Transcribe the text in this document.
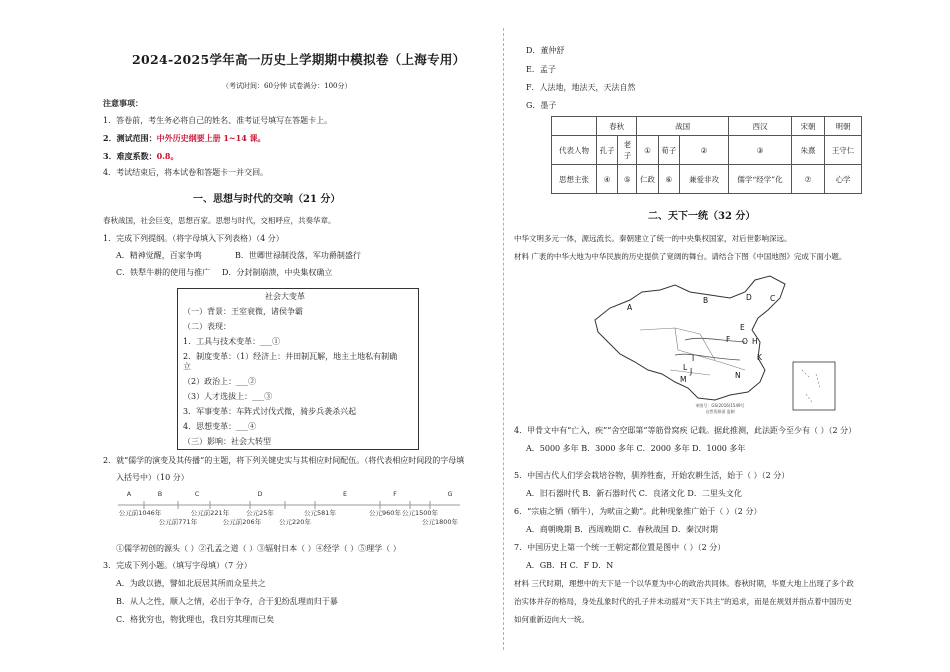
2024-2025学年高一历史上学期期中模拟卷（上海专用）
（考试时间：60分钟 试卷满分：100分）
注意事项：
1．答卷前，考生务必将自己的姓名、准考证号填写在答题卡上。
2．测试范围：中外历史纲要上册 1~14 课。
3．难度系数：0.8。
4．考试结束后，将本试卷和答题卡一并交回。
一、思想与时代的交响（21 分）
春秋战国，社会巨变，思想百家。思想与时代，交相呼应，共奏华章。
1．完成下列提纲。（将字母填入下列表格）（4 分）
A．精神觉醒，百家争鸣	B．世卿世禄制没落，军功爵制盛行
C．铁犁牛耕的使用与推广 D．分封制崩溃，中央集权确立
社会大变革
（一）背景：王室衰微，诸侯争霸
（二）表现：
1．工具与技术变革：___①
2．制度变革：（1）经济上：井田制瓦解，地主土地私有制确
立
（2）政治上：___②
（3）人才选拔上：___③
3．军事变革：车阵式讨伐式微，骑步兵袭杀兴起
4．思想变革：___④
（三）影响：社会大转型
2．就“儒学的演变及其传播”的主题，将下列关键史实与其相应时间配伍。（将代表相应时间段的字母填
入括号中）（10 分）
A	B	C	D	E	F	G
公元前1046年	公元前221年	公元25年	公元581年	公元960年
公元前771年	公元前206年	公元220年
公元1500年
公元1800年
①儒学初创的源头（ ）②孔孟之道（ ）③辐射日本（ ）④经学（ ）⑤理学（ ）
3．完成下列小题。（填写字母填）（7 分）
A．为政以德，譬如北辰居其所而众星共之
B．从人之性，顺人之情，必出于争夺，合于犯纷乱理而归于暴
C．格犹穷也，物犹理也，我日穷其理而已矣
D．董仲舒
E．孟子
F．人法地，地法天，天法自然
G．墨子
	春秋		战国			西汉	宋朝	明朝
代表人物	孔子	老子	①	荀子	②	③	朱熹	王守仁
思想主张	④	⑤	仁政	⑥	兼爱非攻	儒学“经学”化	⑦	心学
二、天下一统（32 分）
中华文明多元一体，源远流长。秦朝建立了统一的中央集权国家，对后世影响深远。
材料 广袤的中华大地为中华民族的历史提供了宽阔的舞台。请结合下图《中国地图》完成下面小题。
A
B	C
D
E
F O H
K
I
J
L
M	N
审图号：GS(2016)1549号
自然资源部 监制
4．甲骨文中有“亡入，疾”“舍空邸第”等筋骨窝疾 记载。据此推测，此法距今至少有（ ）（2 分）
A．5000 多年 B．3000 多年 C．2000 多年 D．1000 多年
5．中国古代人们学会栽培谷物，驯养牲畜，开始农耕生活，始于（ ）（2 分）
A．旧石器时代 B．新石器时代 C．良渚文化 D．二里头文化
6．“宗庙之牺（牺牛），为畎亩之勤”。此种现象推广始于（ ）（2 分）
A．商朝晚期 B．西周晚期 C．春秋战国 D．秦汉时期
7．中国历史上第一个统一王朝定都位置是图中（ ）（2 分）
A．GB．H C．F D．N
材料 三代时期，理想中的天下是一个以华夏为中心的政治共同体。春秋时期，华夏大地上出现了多个政
治实体并存的格局，身处乱象时代的孔子并未动摇对“天下共主”的追求，而是在规划并指点着中国历史
如何重新迈向大一统。
